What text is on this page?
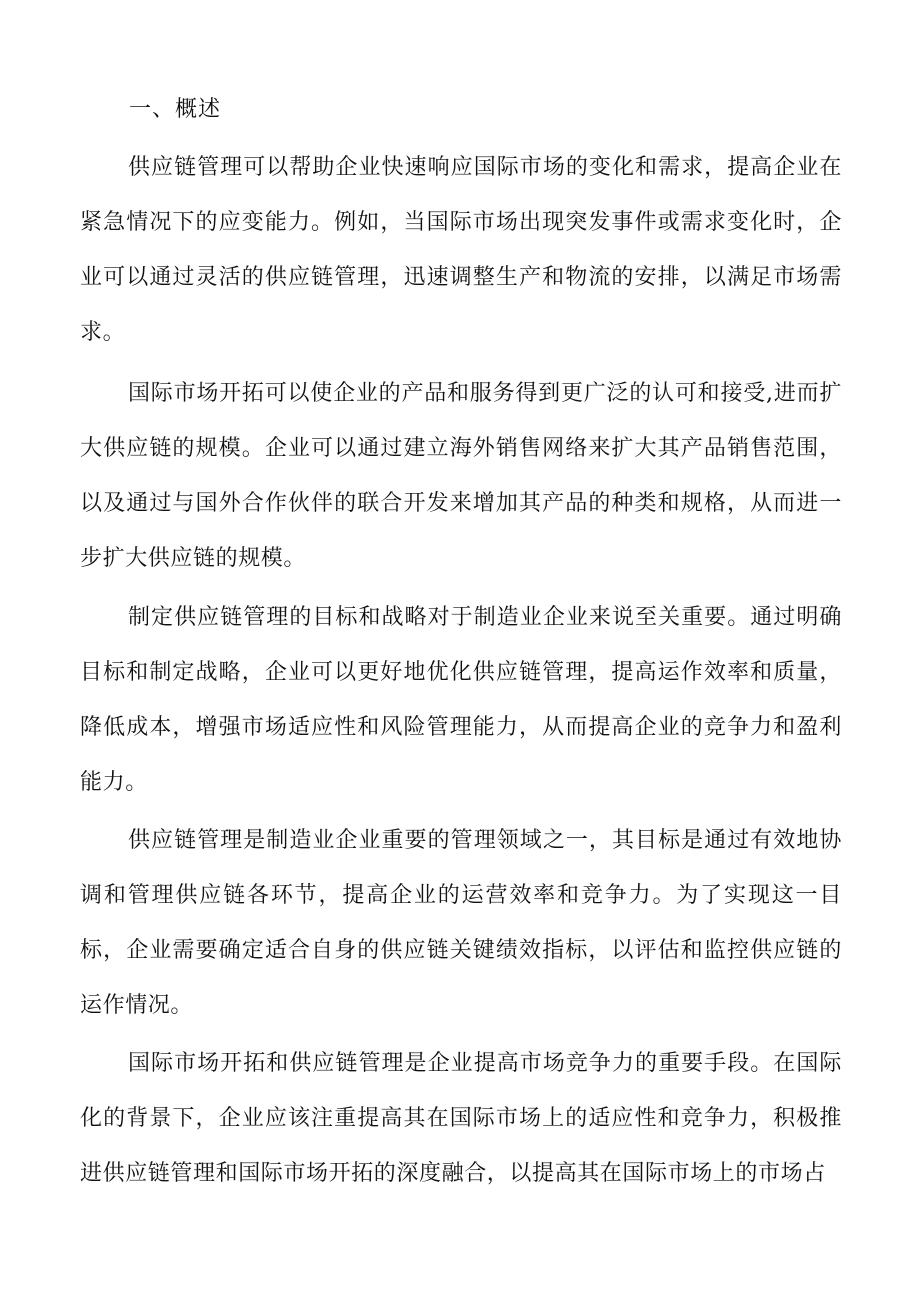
一、概述

供应链管理可以帮助企业快速响应国际市场的变化和需求，提高企业在紧急情况下的应变能力。例如，当国际市场出现突发事件或需求变化时，企业可以通过灵活的供应链管理，迅速调整生产和物流的安排，以满足市场需求。

国际市场开拓可以使企业的产品和服务得到更广泛的认可和接受,进而扩大供应链的规模。企业可以通过建立海外销售网络来扩大其产品销售范围，以及通过与国外合作伙伴的联合开发来增加其产品的种类和规格，从而进一步扩大供应链的规模。

制定供应链管理的目标和战略对于制造业企业来说至关重要。通过明确目标和制定战略，企业可以更好地优化供应链管理，提高运作效率和质量，降低成本，增强市场适应性和风险管理能力，从而提高企业的竞争力和盈利能力。

供应链管理是制造业企业重要的管理领域之一，其目标是通过有效地协调和管理供应链各环节，提高企业的运营效率和竞争力。为了实现这一目标，企业需要确定适合自身的供应链关键绩效指标，以评估和监控供应链的运作情况。

国际市场开拓和供应链管理是企业提高市场竞争力的重要手段。在国际化的背景下，企业应该注重提高其在国际市场上的适应性和竞争力，积极推进供应链管理和国际市场开拓的深度融合，以提高其在国际市场上的市场占
